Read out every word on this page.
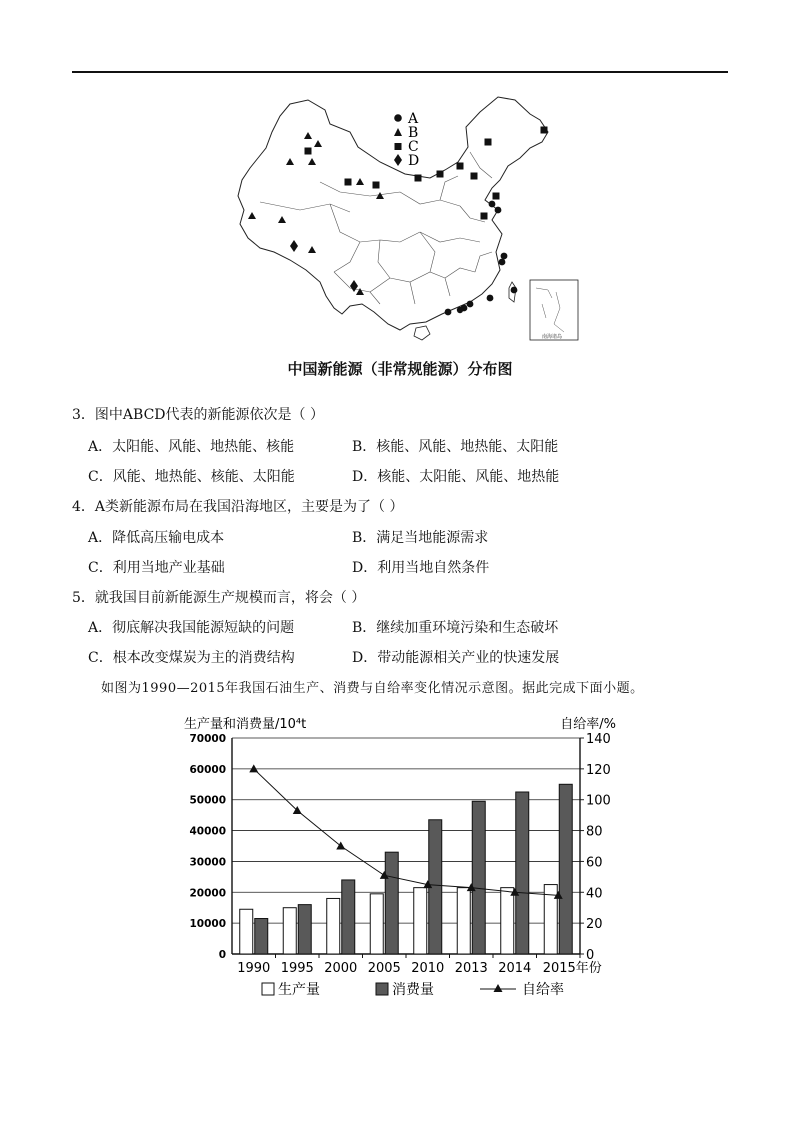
南海诸岛
A
B
C
D
中国新能源（非常规能源）分布图
3．图中ABCD代表的新能源依次是（ ）
A．太阳能、风能、地热能、核能	B．核能、风能、地热能、太阳能
C．风能、地热能、核能、太阳能	D．核能、太阳能、风能、地热能
4．A类新能源布局在我国沿海地区，主要是为了（ ）
A．降低高压输电成本	B．满足当地能源需求
C．利用当地产业基础	D．利用当地自然条件
5．就我国目前新能源生产规模而言，将会（ ）
A．彻底解决我国能源短缺的问题	B．继续加重环境污染和生态破坏
C．根本改变煤炭为主的消费结构	D．带动能源相关产业的快速发展
如图为1990—2015年我国石油生产、消费与自给率变化情况示意图。据此完成下面小题。
0
10000
20000
30000
40000
50000
60000
70000
0
20
40
60
80
100
120
140
生产量和消费量/10⁴t	自给率/%
1990 1995 2000 2005 2010 2013 2014 2015年份
生产量	消费量	自给率
